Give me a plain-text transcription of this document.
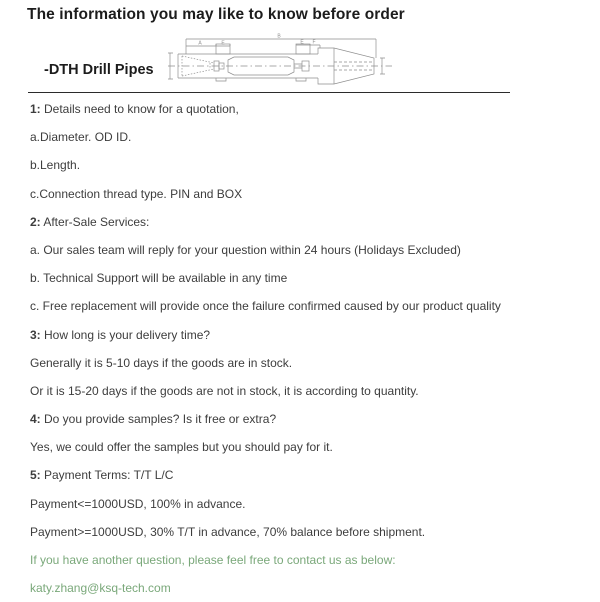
The information you may like to know before order
B
A	E	E F
-DTH Drill Pipes
1: Details need to know for a quotation,
a.Diameter. OD ID.
b.Length.
c.Connection thread type. PIN and BOX
2: After-Sale Services:
a. Our sales team will reply for your question within 24 hours (Holidays Excluded)
b. Technical Support will be available in any time
c. Free replacement will provide once the failure confirmed caused by our product quality
3: How long is your delivery time?
Generally it is 5-10 days if the goods are in stock.
Or it is 15-20 days if the goods are not in stock, it is according to quantity.
4: Do you provide samples? Is it free or extra?
Yes, we could offer the samples but you should pay for it.
5: Payment Terms: T/T L/C
Payment<=1000USD, 100% in advance.
Payment>=1000USD, 30% T/T in advance, 70% balance before shipment.
If you have another question, please feel free to contact us as below:
katy.zhang@ksq-tech.com
